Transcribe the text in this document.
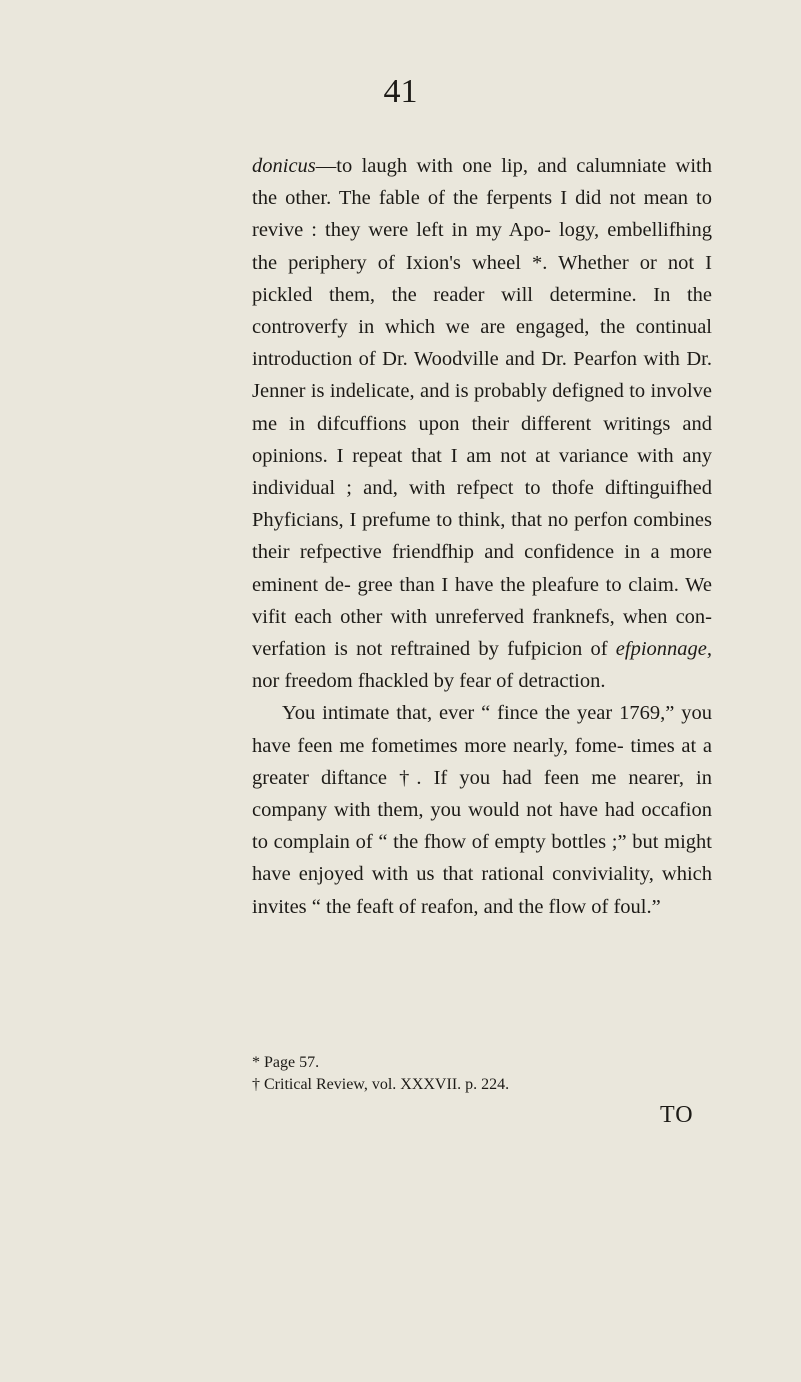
41

donicus—to laugh with one lip, and calumniate with the other. The fable of the ferpents I did not mean to revive : they were left in my Apo- logy, embellifhing the periphery of Ixion's wheel *. Whether or not I pickled them, the reader will determine. In the controverfy in which we are engaged, the continual introduction of Dr. Woodville and Dr. Pearfon with Dr. Jenner is indelicate, and is probably defigned to involve me in difcuffions upon their different writings and opinions. I repeat that I am not at variance with any individual ; and, with refpect to thofe diftinguifhed Phyficians, I prefume to think, that no perfon combines their refpective friendfhip and confidence in a more eminent de- gree than I have the pleafure to claim. We vifit each other with unreferved franknefs, when con- verfation is not reftrained by fufpicion of efpionnage, nor freedom fhackled by fear of detraction.

You intimate that, ever “ fince the year 1769,” you have feen me fometimes more nearly, fome- times at a greater diftance †. If you had feen me nearer, in company with them, you would not have had occafion to complain of “ the fhow of empty bottles ;” but might have enjoyed with us that rational conviviality, which invites “ the feaft of reafon, and the flow of foul.”

* Page 57.

† Critical Review, vol. XXXVII. p. 224.

TO
